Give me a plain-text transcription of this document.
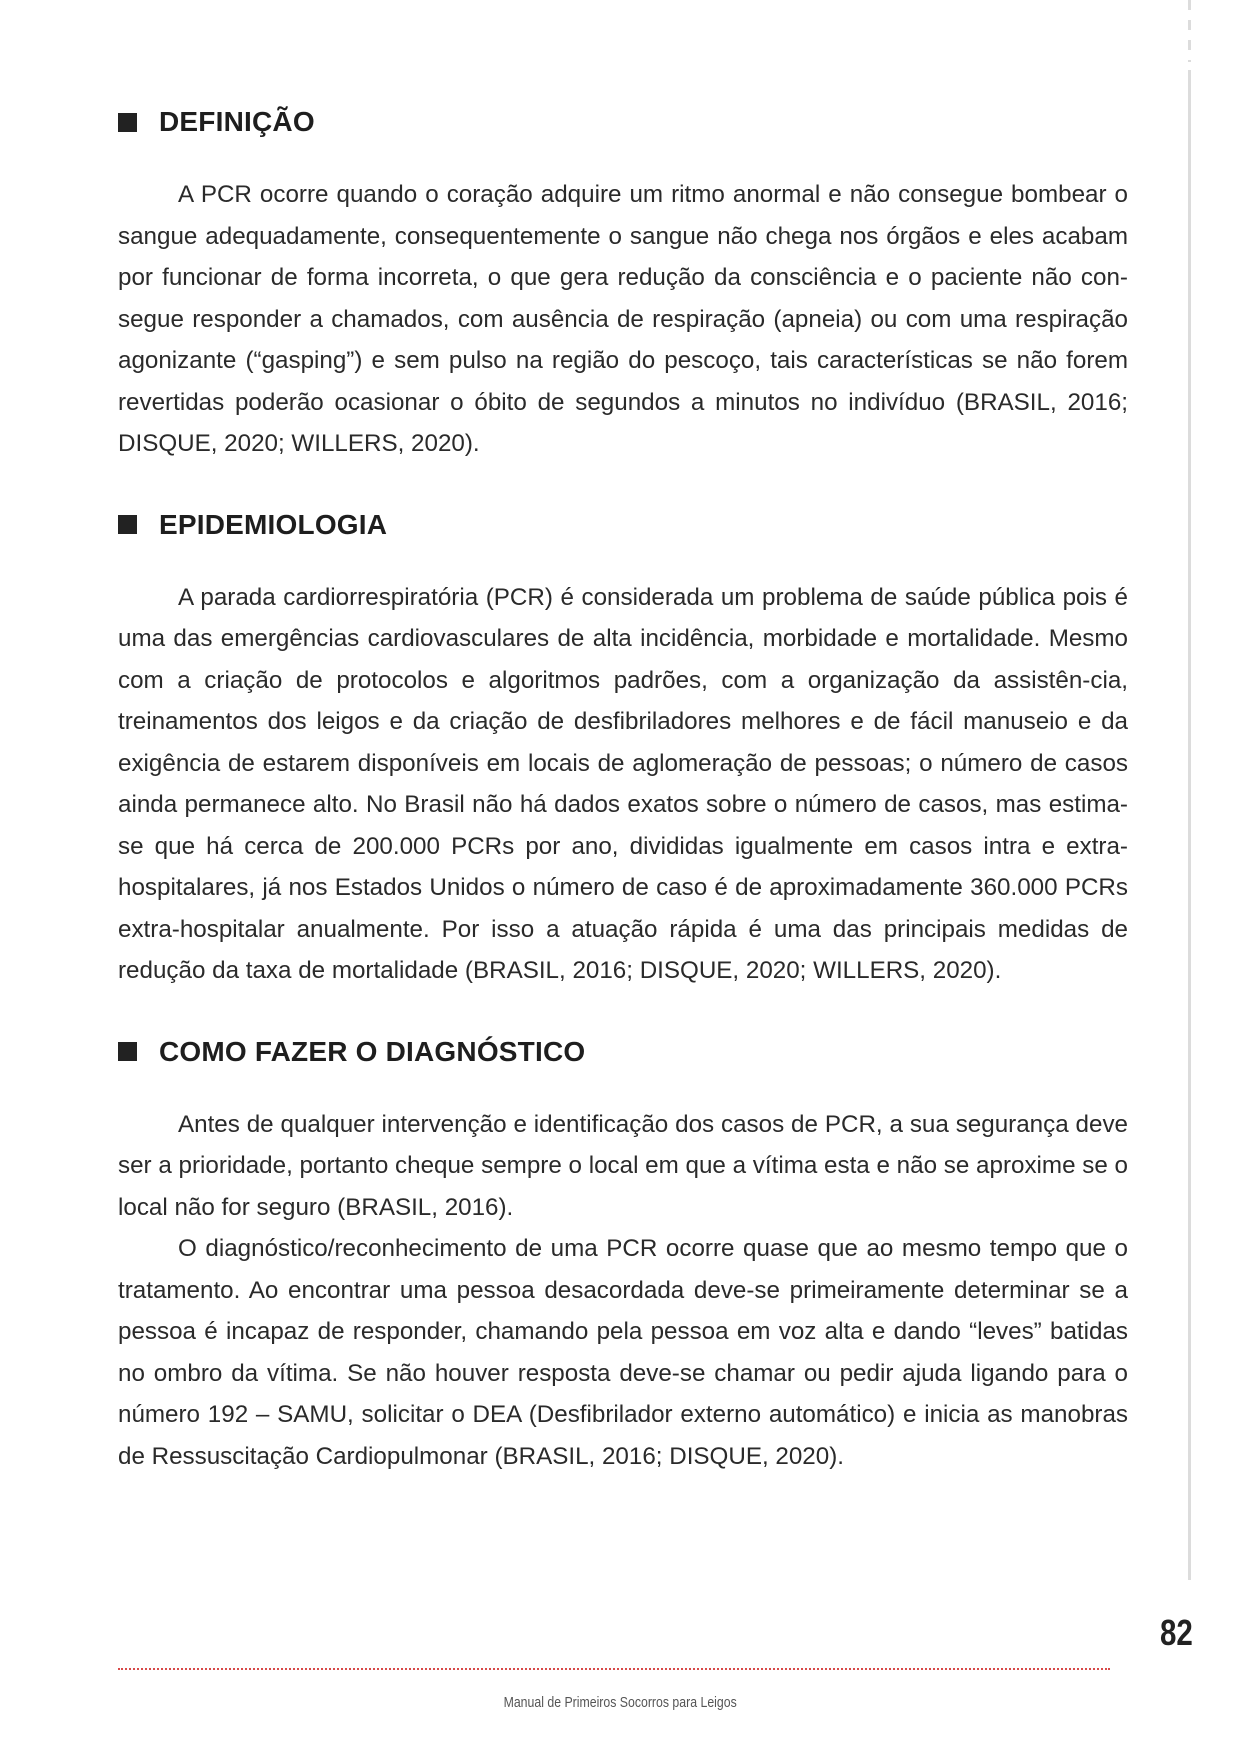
DEFINIÇÃO

A PCR ocorre quando o coração adquire um ritmo anormal e não consegue bombear o sangue adequadamente, consequentemente o sangue não chega nos órgãos e eles acabam por funcionar de forma incorreta, o que gera redução da consciência e o paciente não con-segue responder a chamados, com ausência de respiração (apneia) ou com uma respiração agonizante (“gasping”) e sem pulso na região do pescoço, tais características se não forem revertidas poderão ocasionar o óbito de segundos a minutos no indivíduo (BRASIL, 2016; DISQUE, 2020; WILLERS, 2020).

EPIDEMIOLOGIA

A parada cardiorrespiratória (PCR) é considerada um problema de saúde pública pois é uma das emergências cardiovasculares de alta incidência, morbidade e mortalidade. Mesmo com a criação de protocolos e algoritmos padrões, com a organização da assistên-cia, treinamentos dos leigos e da criação de desfibriladores melhores e de fácil manuseio e da exigência de estarem disponíveis em locais de aglomeração de pessoas; o número de casos ainda permanece alto. No Brasil não há dados exatos sobre o número de casos, mas estima-se que há cerca de 200.000 PCRs por ano, divididas igualmente em casos intra e extra-hospitalares, já nos Estados Unidos o número de caso é de aproximadamente 360.000 PCRs extra-hospitalar anualmente. Por isso a atuação rápida é uma das principais medidas de redução da taxa de mortalidade (BRASIL, 2016; DISQUE, 2020; WILLERS, 2020).

COMO FAZER O DIAGNÓSTICO

Antes de qualquer intervenção e identificação dos casos de PCR, a sua segurança deve ser a prioridade, portanto cheque sempre o local em que a vítima esta e não se aproxime se o local não for seguro (BRASIL, 2016).

O diagnóstico/reconhecimento de uma PCR ocorre quase que ao mesmo tempo que o tratamento. Ao encontrar uma pessoa desacordada deve-se primeiramente determinar se a pessoa é incapaz de responder, chamando pela pessoa em voz alta e dando “leves” batidas no ombro da vítima. Se não houver resposta deve-se chamar ou pedir ajuda ligando para o número 192 – SAMU, solicitar o DEA (Desfibrilador externo automático) e inicia as manobras de Ressuscitação Cardiopulmonar (BRASIL, 2016; DISQUE, 2020).

82
Manual de Primeiros Socorros para Leigos
